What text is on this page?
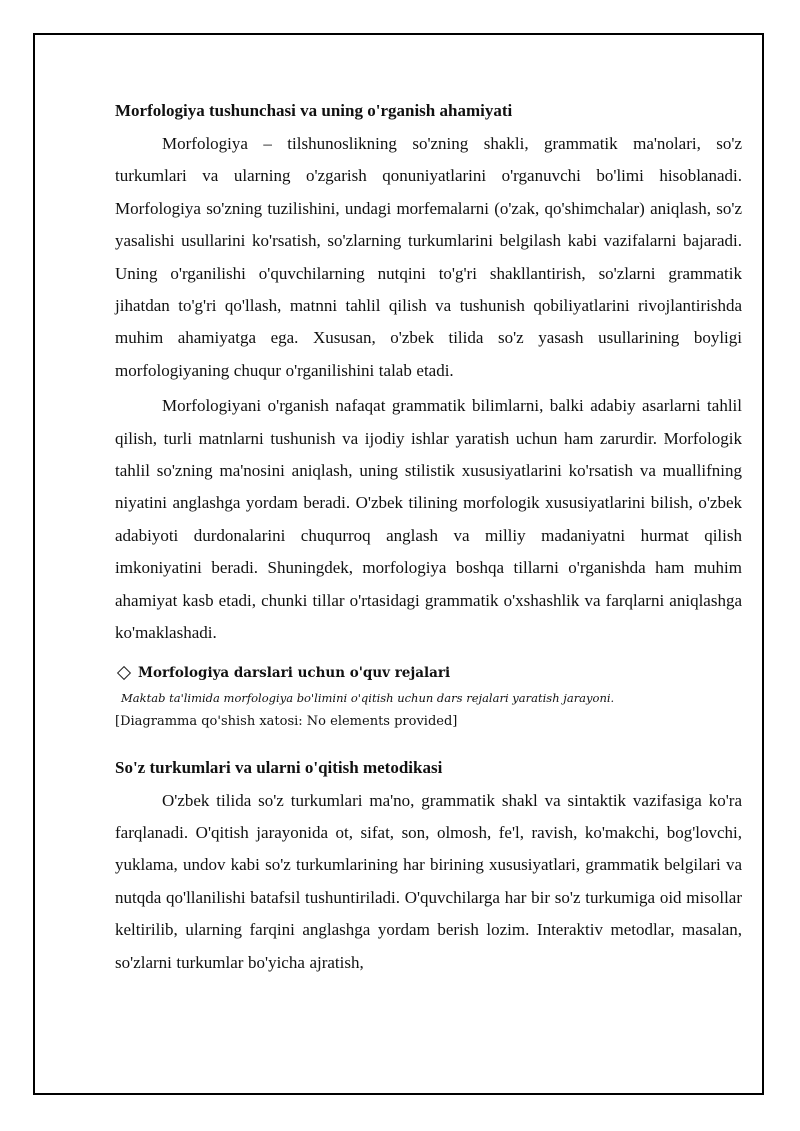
Morfologiya tushunchasi va uning o'rganish ahamiyati

Morfologiya – tilshunoslikning so'zning shakli, grammatik ma'nolari, so'z turkumlari va ularning o'zgarish qonuniyatlarini o'rganuvchi bo'limi hisoblanadi. Morfologiya so'zning tuzilishini, undagi morfemalarni (o'zak, qo'shimchalar) aniqlash, so'z yasalishi usullarini ko'rsatish, so'zlarning turkumlarini belgilash kabi vazifalarni bajaradi. Uning o'rganilishi o'quvchilarning nutqini to'g'ri shakllantirish, so'zlarni grammatik jihatdan to'g'ri qo'llash, matnni tahlil qilish va tushunish qobiliyatlarini rivojlantirishda muhim ahamiyatga ega. Xususan, o'zbek tilida so'z yasash usullarining boyligi morfologiyaning chuqur o'rganilishini talab etadi.

Morfologiyani o'rganish nafaqat grammatik bilimlarni, balki adabiy asarlarni tahlil qilish, turli matnlarni tushunish va ijodiy ishlar yaratish uchun ham zarurdir. Morfologik tahlil so'zning ma'nosini aniqlash, uning stilistik xususiyatlarini ko'rsatish va muallifning niyatini anglashga yordam beradi. O'zbek tilining morfologik xususiyatlarini bilish, o'zbek adabiyoti durdonalarini chuqurroq anglash va milliy madaniyatni hurmat qilish imkoniyatini beradi. Shuningdek, morfologiya boshqa tillarni o'rganishda ham muhim ahamiyat kasb etadi, chunki tillar o'rtasidagi grammatik o'xshashlik va farqlarni aniqlashga ko'maklashadi.

Morfologiya darslari uchun o'quv rejalari
Maktab ta'limida morfologiya bo'limini o'qitish uchun dars rejalari yaratish jarayoni.
[Diagramma qo'shish xatosi: No elements provided]
So'z turkumlari va ularni o'qitish metodikasi

O'zbek tilida so'z turkumlari ma'no, grammatik shakl va sintaktik vazifasiga ko'ra farqlanadi. O'qitish jarayonida ot, sifat, son, olmosh, fe'l, ravish, ko'makchi, bog'lovchi, yuklama, undov kabi so'z turkumlarining har birining xususiyatlari, grammatik belgilari va nutqda qo'llanilishi batafsil tushuntiriladi. O'quvchilarga har bir so'z turkumiga oid misollar keltirilib, ularning farqini anglashga yordam berish lozim. Interaktiv metodlar, masalan, so'zlarni turkumlar bo'yicha ajratish,
